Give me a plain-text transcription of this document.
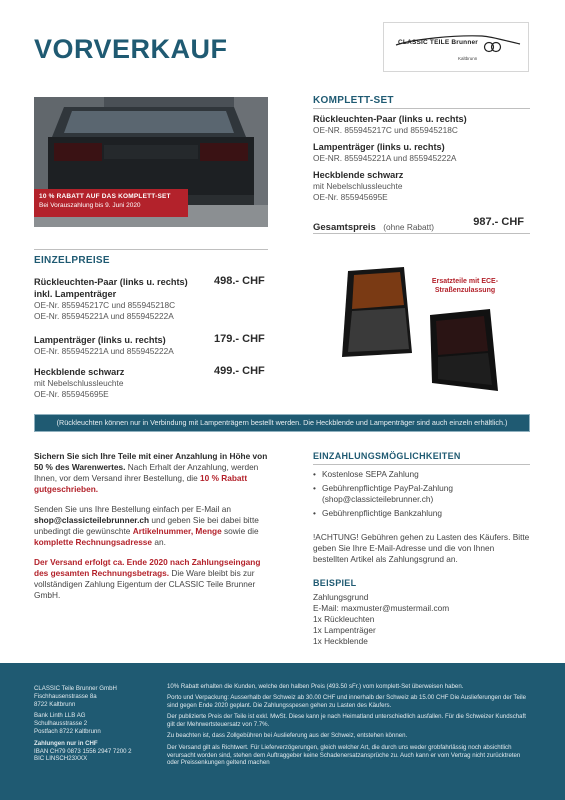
VORVERKAUF	CLASSIC TEILE Brunner
Kaltbrunn
10 % RABATT AUF DAS KOMPLETT-SET
Bei Vorauszahlung bis 9. Juni 2020
KOMPLETT-SET
Rückleuchten-Paar (links u. rechts)
OE-NR. 855945217C und 855945218C
Lampenträger (links u. rechts)
OE-NR. 855945221A und 855945222A
Heckblende schwarz
mit Nebelschlussleuchte
OE-Nr. 855945695E
Gesamtspreis (ohne Rabatt)	987.- CHF
EINZELPREISE
Rückleuchten-Paar (links u. rechts)
inkl. Lampenträger
OE-Nr. 855945217C und 855945218C
OE-Nr. 855945221A und 855945222A
498.- CHF
Lampenträger (links u. rechts)
OE-Nr. 855945221A und 855945222A
179.- CHF
Heckblende schwarz
mit Nebelschlussleuchte
OE-Nr. 855945695E
499.- CHF
Ersatzteile mit ECE-Straßenzulassung
(Rückleuchten können nur in Verbindung mit Lampenträgern bestellt werden. Die Heckblende und Lampenträger sind auch einzeln erhältlich.)

Sichern Sie sich Ihre Teile mit einer Anzahlung in Höhe von 50 % des Warenwertes. Nach Erhalt der Anzahlung, werden Ihnen, vor dem Versand ihrer Bestellung, die 10 % Rabatt gutgeschrieben.

Senden Sie uns Ihre Bestellung einfach per E-Mail an shop@classicteilebrunner.ch und geben Sie bei dabei bitte unbedingt die gewünschte Artikelnummer, Menge sowie die komplette Rechnungsadresse an.

Der Versand erfolgt ca. Ende 2020 nach Zahlungseingang des gesamten Rechnungsbetrags. Die Ware bleibt bis zur vollständigen Zahlung Eigentum der CLASSIC Teile Brunner GmbH.

EINZAHLUNGSMÖGLICHKEITEN
• Kostenlose SEPA Zahlung
• Gebührenpflichtige PayPal-Zahlung (shop@classicteilebrunner.ch)
• Gebührenpflichtige Bankzahlung
!ACHTUNG! Gebühren gehen zu Lasten des Käufers. Bitte geben Sie Ihre E-Mail-Adresse und die von Ihnen bestellten Artikel als Zahlungsgrund an.
BEISPIEL
Zahlungsgrund
E-Mail: maxmuster@mustermail.com
1x Rückleuchten
1x Lampenträger
1x Heckblende
CLASSIC Teile Brunner GmbH
Fischhausenstrasse 8a
8722 Kaltbrunn
Bank Linth LLB AG
Schulhausstrasse 2
Postfach 8722 Kaltbrunn
Zahlungen nur in CHF
IBAN CH79 0873 1556 2947 7200 2
BIC LINSCH23XXX

10% Rabatt erhalten die Kunden, welche den halben Preis (493.50 sFr.) vom komplett-Set überweisen haben.

Porto und Verpackung: Ausserhalb der Schweiz ab 30.00 CHF und innerhalb der Schweiz ab 15.00 CHF Die Auslieferungen der Teile sind gegen Ende 2020 geplant. Die Zahlungsspesen gehen zu Lasten des Käufers.

Der publizierte Preis der Teile ist exkl. MwSt. Diese kann je nach Heimatland unterschiedlich ausfallen. Für die Schweizer Kundschaft gilt der Mehrwertsteuersatz von 7.7%.

Zu beachten ist, dass Zollgebühren bei Auslieferung aus der Schweiz, entstehen können.

Der Versand gilt als Richtwert. Für Lieferverzögerungen, gleich welcher Art, die durch uns weder grobfahrlässig noch absichtlich verursacht worden sind, stehen dem Auftraggeber keine Schadenersatzansprüche zu. Auch kann er vom Vertrag nicht zurücktreten oder Preissenkungen geltend machen
